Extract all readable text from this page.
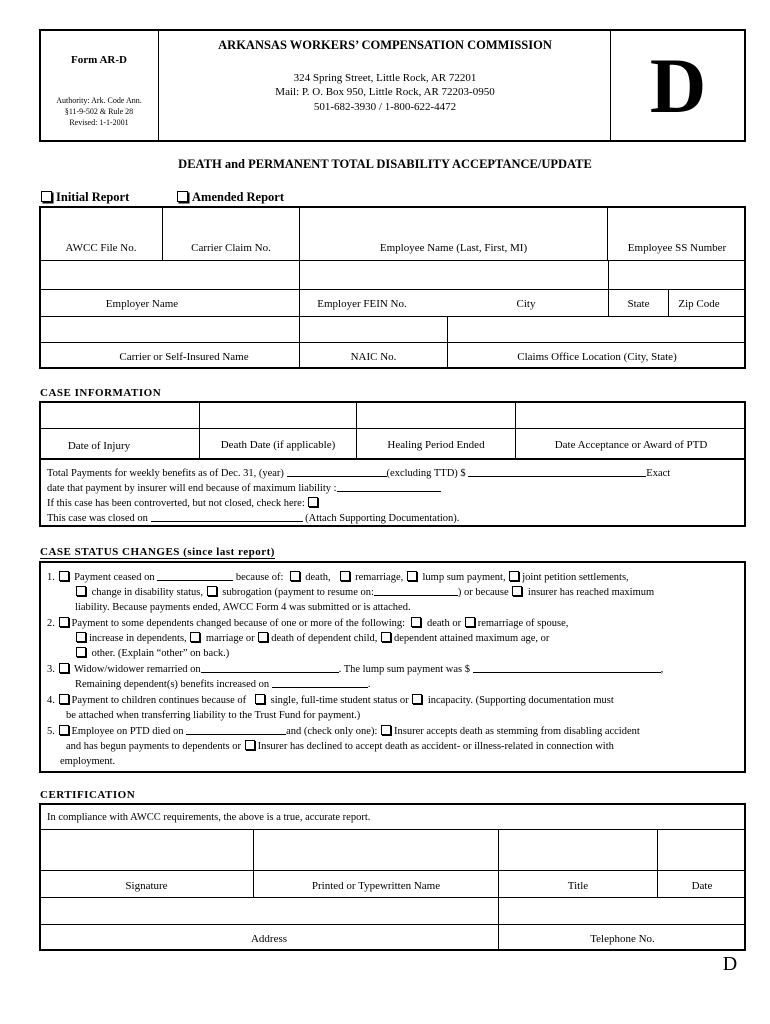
Form AR-D
Authority: Ark. Code Ann.
§11-9-502 & Rule 28
Revised: 1-1-2001
ARKANSAS WORKERS’ COMPENSATION COMMISSION
324 Spring Street, Little Rock, AR 72201
Mail: P. O. Box 950, Little Rock, AR 72203-0950
501-682-3930 / 1-800-622-4472	D
DEATH and PERMANENT TOTAL DISABILITY ACCEPTANCE/UPDATE
Initial Report	Amended Report
AWCC File No.	Carrier Claim No.	Employee Name (Last, First, MI)	Employee SS Number
Employer Name	Employer FEIN No.	City	State	Zip Code
Carrier or Self-Insured Name	NAIC No.	Claims Office Location (City, State)
CASE INFORMATION
Date of Injury	Death Date (if applicable)	Healing Period Ended	Date Acceptance or Award of PTD
Total Payments for weekly benefits as of Dec. 31, (year)	(excluding TTD) $	Exact
date that payment by insurer will end because of maximum liability :
If this case has been controverted, but not closed, check here:
This case was closed on	(Attach Supporting Documentation).
CASE STATUS CHANGES (since last report)
1. Payment ceased on	because of: death, remarriage, lump sum payment, joint petition settlements,
change in disability status, subrogation (payment to resume on:	) or because insurer has reached maximum
liability. Because payments ended, AWCC Form 4 was submitted or is attached.
2. Payment to some dependents changed because of one or more of the following: death or remarriage of spouse,
increase in dependents, marriage or death of dependent child, dependent attained maximum age, or
other. (Explain “other” on back.)
3. Widow/widower remarried on	. The lump sum payment was $	,
Remaining dependent(s) benefits increased on	.
4. Payment to children continues because of single, full-time student status or incapacity. (Supporting documentation must
be attached when transferring liability to the Trust Fund for payment.)
5. Employee on PTD died on	and (check only one): Insurer accepts death as stemming from disabling accident
and has begun payments to dependents or Insurer has declined to accept death as accident- or illness-related in connection with
employment.
CERTIFICATION
In compliance with AWCC requirements, the above is a true, accurate report.
Signature	Printed or Typewritten Name	Title	Date
Address	Telephone No.
D
